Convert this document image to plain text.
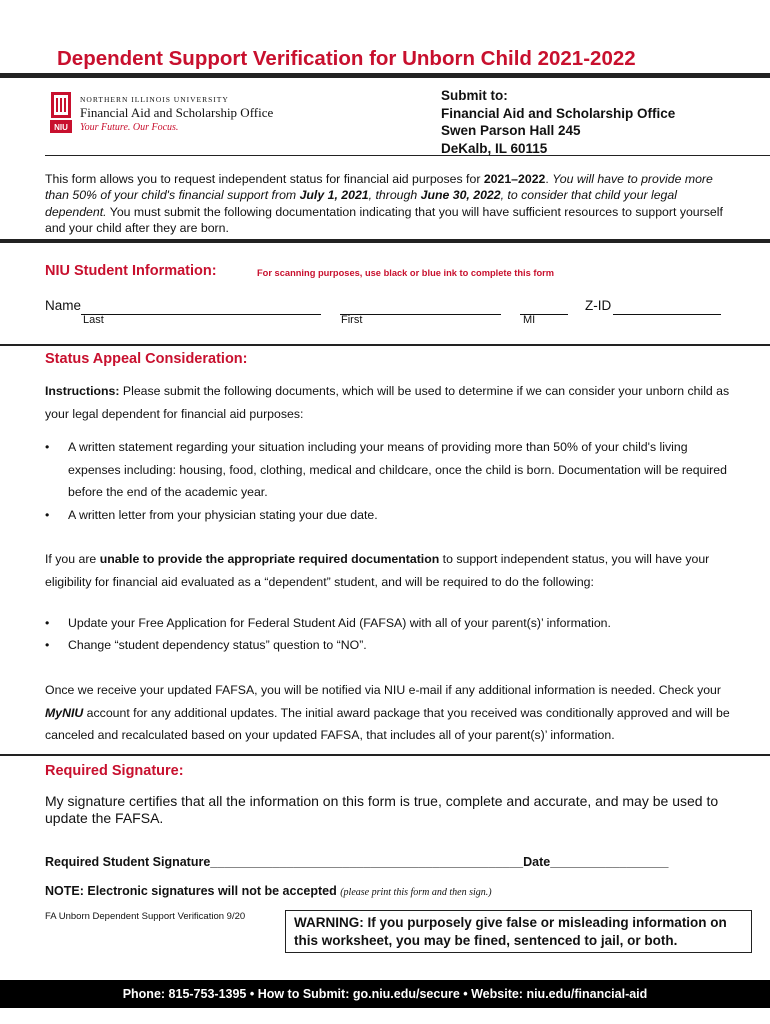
Dependent Support Verification for Unborn Child 2021-2022
NIU
NORTHERN ILLINOIS UNIVERSITY
Financial Aid and Scholarship Office
Your Future. Our Focus.
Submit to:
Financial Aid and Scholarship Office
Swen Parson Hall 245
DeKalb, IL 60115
This form allows you to request independent status for financial aid purposes for 2021–2022. You will have to provide more than 50% of your child's financial support from July 1, 2021, through June 30, 2022, to consider that child your legal dependent. You must submit the following documentation indicating that you will have sufficient resources to support yourself and your child after they are born.
NIU Student Information:	For scanning purposes, use black or blue ink to complete this form
Name	Z-ID
Last	First	MI
Status Appeal Consideration:
Instructions: Please submit the following documents, which will be used to determine if we can consider your unborn child as your legal dependent for financial aid purposes:
• A written statement regarding your situation including your means of providing more than 50% of your child's living expenses including: housing, food, clothing, medical and childcare, once the child is born. Documentation will be required before the end of the academic year.
• A written letter from your physician stating your due date.
If you are unable to provide the appropriate required documentation to support independent status, you will have your eligibility for financial aid evaluated as a “dependent” student, and will be required to do the following:
• Update your Free Application for Federal Student Aid (FAFSA) with all of your parent(s)’ information.
• Change “student dependency status” question to “NO”.
Once we receive your updated FAFSA, you will be notified via NIU e-mail if any additional information is needed. Check your MyNIU account for any additional updates. The initial award package that you received was conditionally approved and will be canceled and recalculated based on your updated FAFSA, that includes all of your parent(s)’ information.
Required Signature:
My signature certifies that all the information on this form is true, complete and accurate, and may be used to update the FAFSA.
Required Student Signature_____________________________________________Date_________________
NOTE: Electronic signatures will not be accepted (please print this form and then sign.)
FA Unborn Dependent Support Verification 9/20	WARNING: If you purposely give false or misleading information on this worksheet, you may be fined, sentenced to jail, or both.
Phone: 815-753-1395 • How to Submit: go.niu.edu/secure • Website: niu.edu/financial-aid
